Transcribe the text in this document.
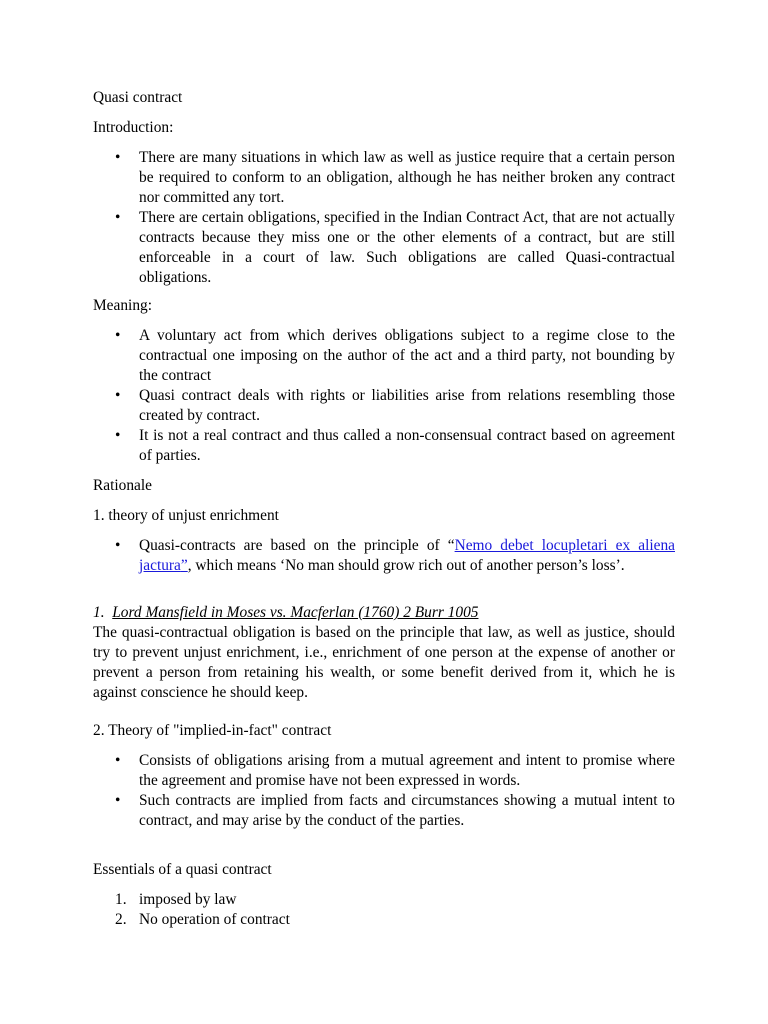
Quasi contract

Introduction:

• There are many situations in which law as well as justice require that a certain person be required to conform to an obligation, although he has neither broken any contract nor committed any tort.
• There are certain obligations, specified in the Indian Contract Act, that are not actually contracts because they miss one or the other elements of a contract, but are still enforceable in a court of law. Such obligations are called Quasi-contractual obligations.

Meaning:

• A voluntary act from which derives obligations subject to a regime close to the contractual one imposing on the author of the act and a third party, not bounding by the contract
• Quasi contract deals with rights or liabilities arise from relations resembling those created by contract.
• It is not a real contract and thus called a non-consensual contract based on agreement of parties.

Rationale

1. theory of unjust enrichment

• Quasi-contracts are based on the principle of “Nemo debet locupletari ex aliena jactura”, which means ‘No man should grow rich out of another person’s loss’.

1. Lord Mansfield in Moses vs. Macferlan (1760) 2 Burr 1005

The quasi-contractual obligation is based on the principle that law, as well as justice, should try to prevent unjust enrichment, i.e., enrichment of one person at the expense of another or prevent a person from retaining his wealth, or some benefit derived from it, which he is against conscience he should keep.

2. Theory of "implied-in-fact" contract

• Consists of obligations arising from a mutual agreement and intent to promise where the agreement and promise have not been expressed in words.
• Such contracts are implied from facts and circumstances showing a mutual intent to contract, and may arise by the conduct of the parties.

Essentials of a quasi contract

1. imposed by law
2. No operation of contract
